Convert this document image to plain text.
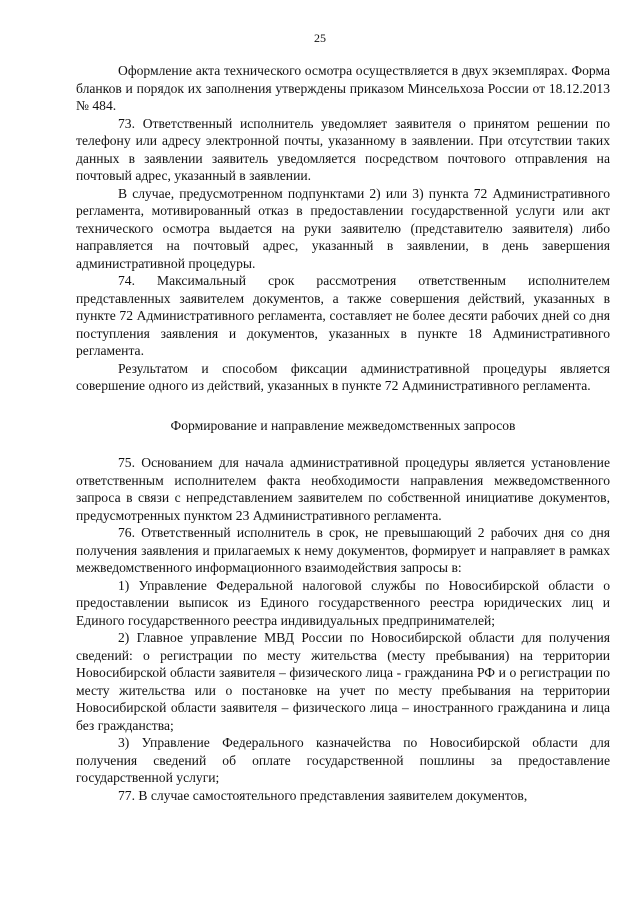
25

Оформление акта технического осмотра осуществляется в двух экземплярах. Форма бланков и порядок их заполнения утверждены приказом Минсельхоза России от 18.12.2013 № 484.

73. Ответственный исполнитель уведомляет заявителя о принятом решении по телефону или адресу электронной почты, указанному в заявлении. При отсутствии таких данных в заявлении заявитель уведомляется посредством почтового отправления на почтовый адрес, указанный в заявлении.

В случае, предусмотренном подпунктами 2) или 3) пункта 72 Административного регламента, мотивированный отказ в предоставлении государственной услуги или акт технического осмотра выдается на руки заявителю (представителю заявителя) либо направляется на почтовый адрес, указанный в заявлении, в день завершения административной процедуры.

74. Максимальный срок рассмотрения ответственным исполнителем представленных заявителем документов, а также совершения действий, указанных в пункте 72 Административного регламента, составляет не более десяти рабочих дней со дня поступления заявления и документов, указанных в пункте 18 Административного регламента.

Результатом и способом фиксации административной процедуры является совершение одного из действий, указанных в пункте 72 Административного регламента.

Формирование и направление межведомственных запросов

75. Основанием для начала административной процедуры является установление ответственным исполнителем факта необходимости направления межведомственного запроса в связи с непредставлением заявителем по собственной инициативе документов, предусмотренных пунктом 23 Административного регламента.

76. Ответственный исполнитель в срок, не превышающий 2 рабочих дня со дня получения заявления и прилагаемых к нему документов, формирует и направляет в рамках межведомственного информационного взаимодействия запросы в:

1) Управление Федеральной налоговой службы по Новосибирской области о предоставлении выписок из Единого государственного реестра юридических лиц и Единого государственного реестра индивидуальных предпринимателей;

2) Главное управление МВД России по Новосибирской области для получения сведений: о регистрации по месту жительства (месту пребывания) на территории Новосибирской области заявителя – физического лица - гражданина РФ и о регистрации по месту жительства или о постановке на учет по месту пребывания на территории Новосибирской области заявителя – физического лица – иностранного гражданина и лица без гражданства;

3) Управление Федерального казначейства по Новосибирской области для получения сведений об оплате государственной пошлины за предоставление государственной услуги;

77. В случае самостоятельного представления заявителем документов,
